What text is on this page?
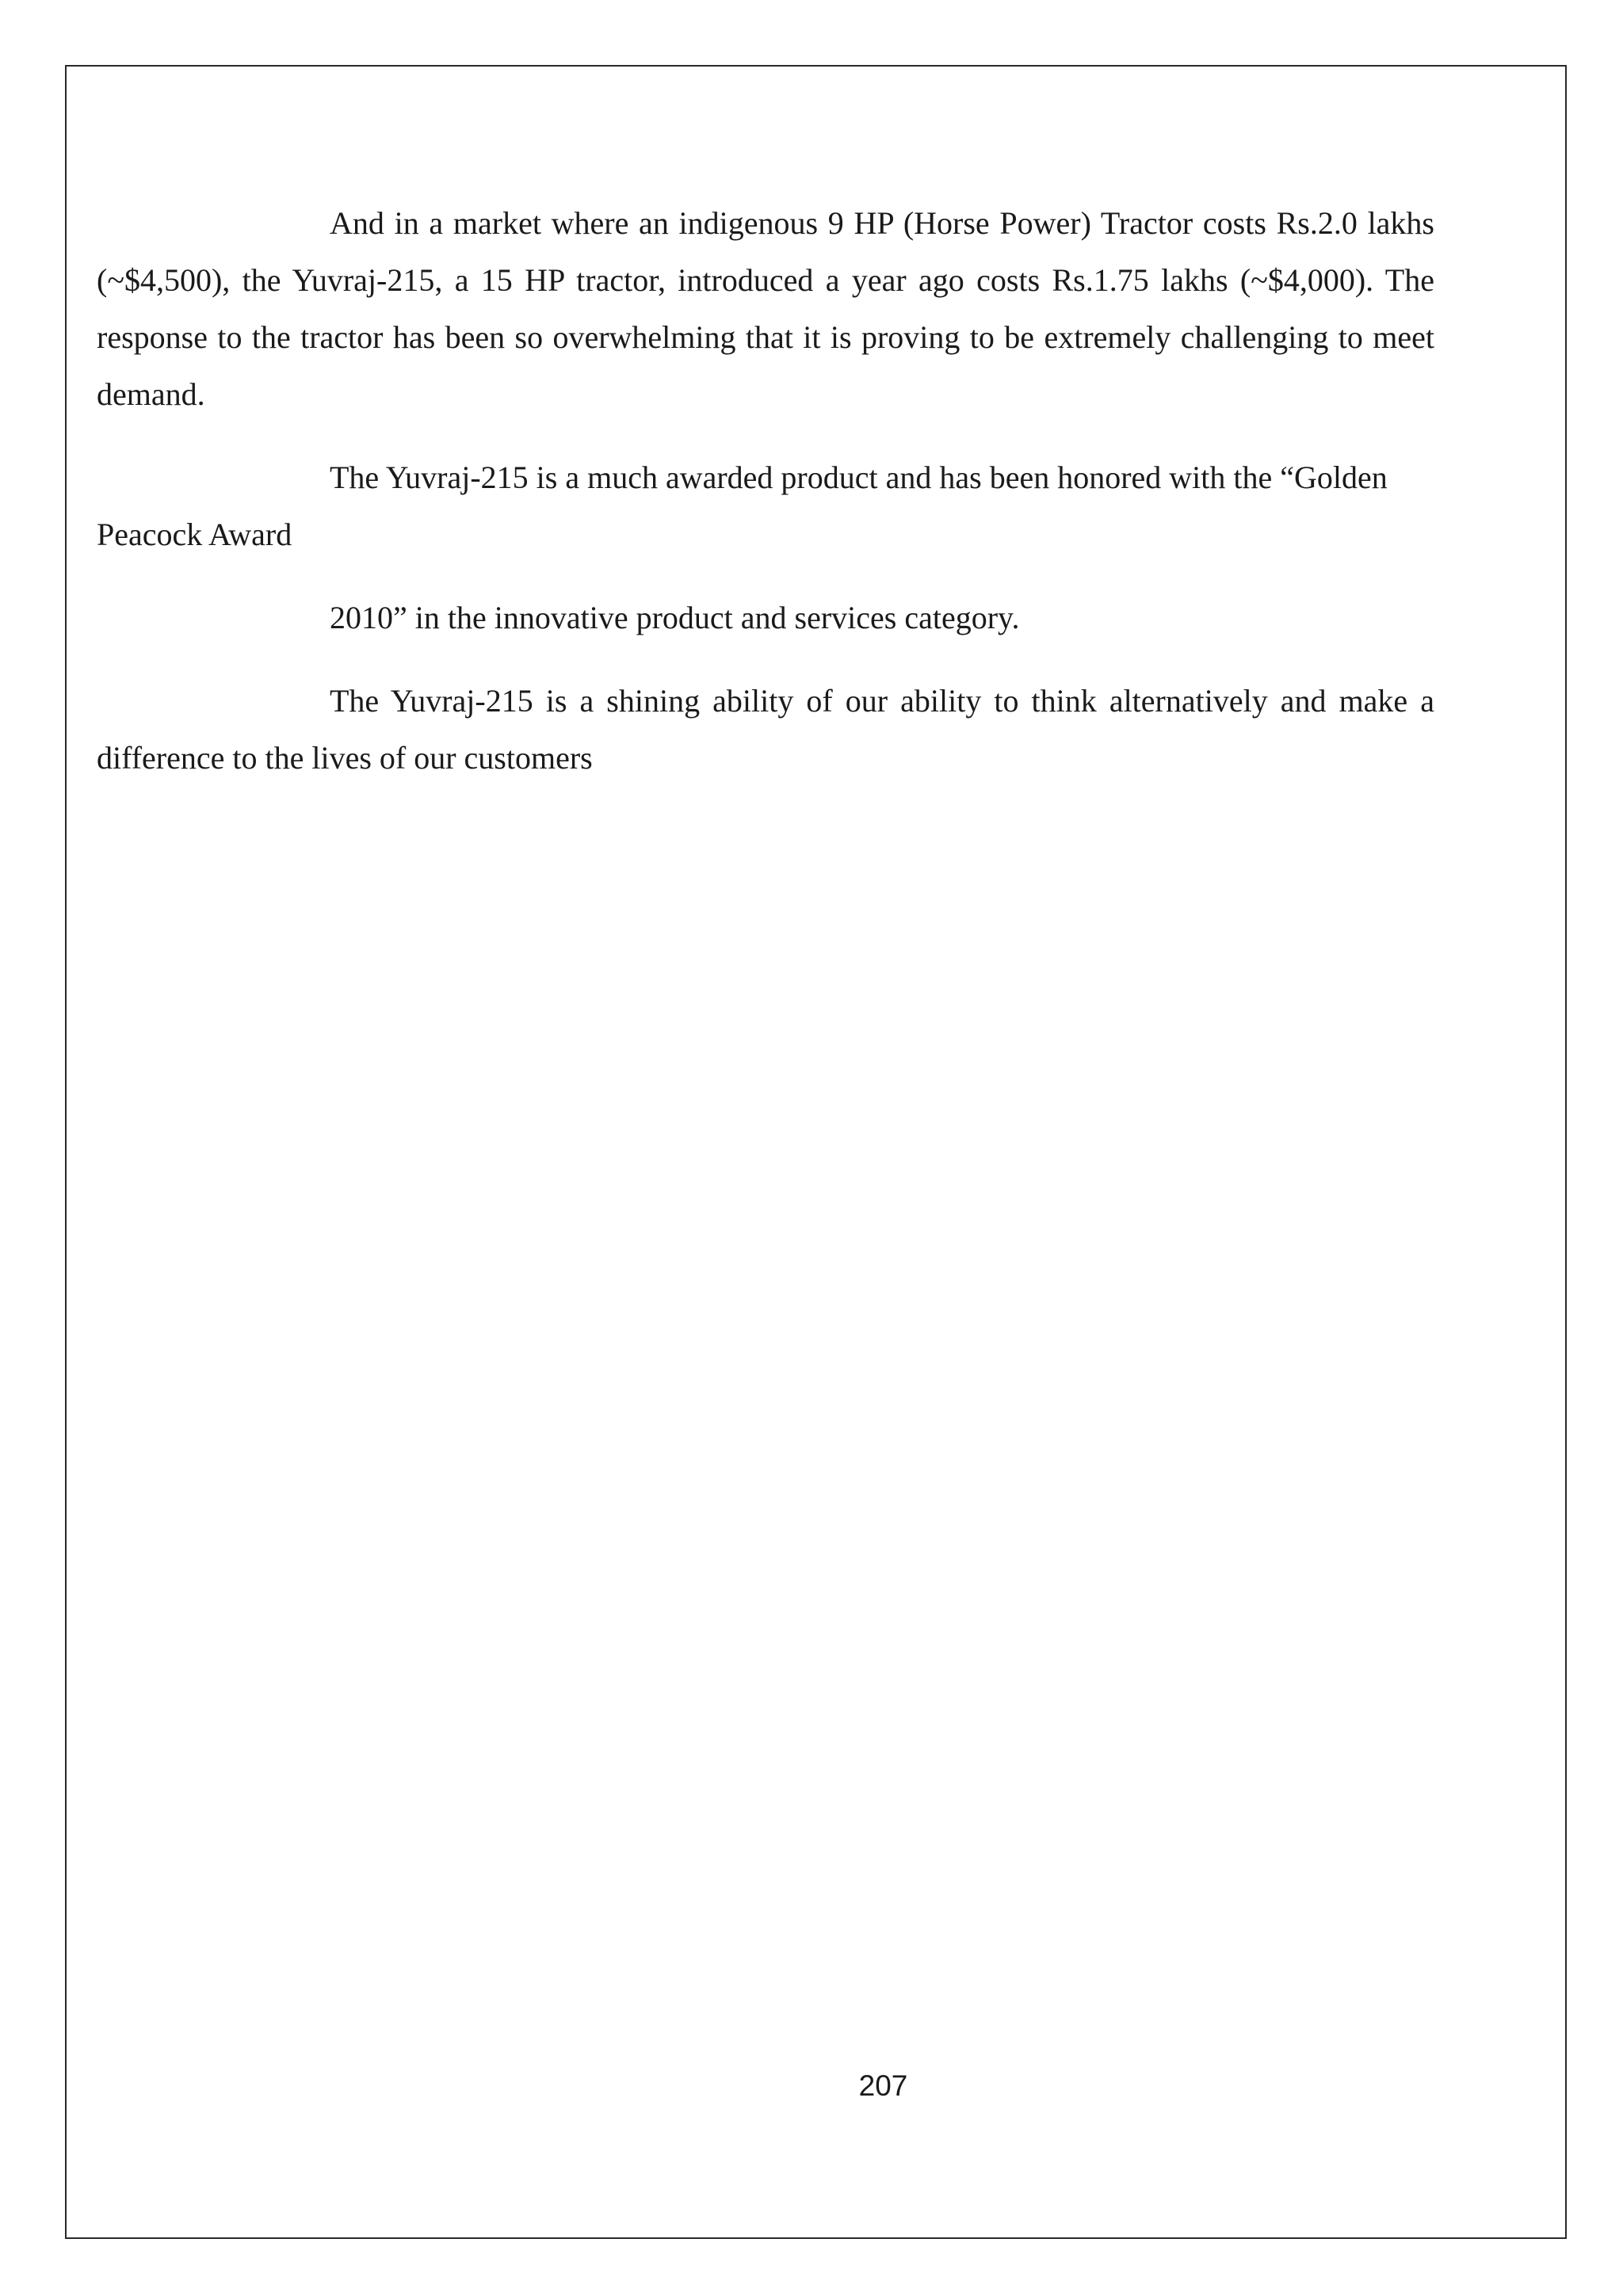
And in a market where an indigenous 9 HP (Horse Power) Tractor costs Rs.2.0 lakhs (~$4,500), the Yuvraj-215, a 15 HP tractor, introduced a year ago costs Rs.1.75 lakhs (~$4,000). The response to the tractor has been so overwhelming that it is proving to be extremely challenging to meet demand.

The Yuvraj-215 is a much awarded product and has been honored with the “Golden Peacock Award

2010” in the innovative product and services category.

The Yuvraj-215 is a shining ability of our ability to think alternatively and make a difference to the lives of our customers

207
